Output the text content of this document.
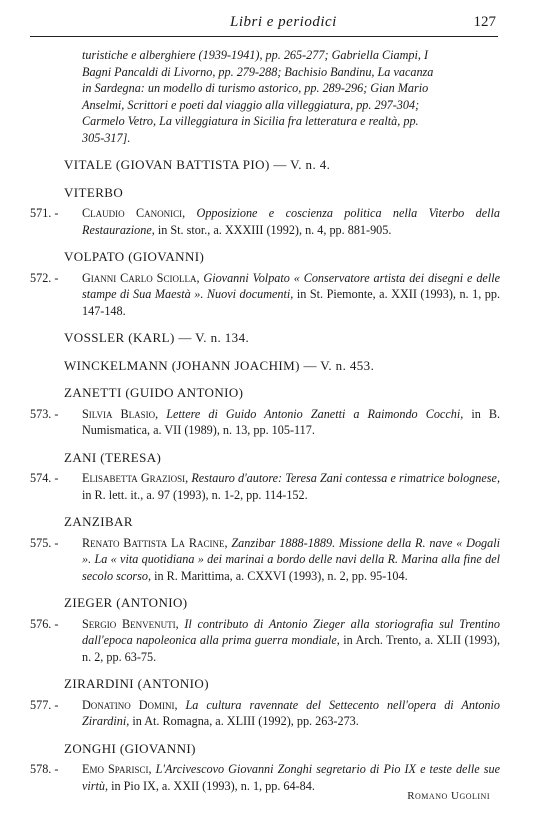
Libri e periodici	127

turistiche e alberghiere (1939-1941), pp. 265-277; Gabriella Ciampi, I

Bagni Pancaldi di Livorno, pp. 279-288; Bachisio Bandinu, La vacanza

in Sardegna: un modello di turismo astorico, pp. 289-296; Gian Mario

Anselmi, Scrittori e poeti dal viaggio alla villeggiatura, pp. 297-304;

Carmelo Vetro, La villeggiatura in Sicilia fra letteratura e realtà, pp.

305-317].

VITALE (GIOVAN BATTISTA PIO) — V. n. 4.
VITERBO
571. - Claudio Canonici, Opposizione e coscienza politica nella Viterbo della Restaurazione, in St. stor., a. XXXIII (1992), n. 4, pp. 881-905.
VOLPATO (GIOVANNI)
572. - Gianni Carlo Sciolla, Giovanni Volpato « Conservatore artista dei disegni e delle stampe di Sua Maestà ». Nuovi documenti, in St. Piemonte, a. XXII (1993), n. 1, pp. 147-148.
VOSSLER (KARL) — V. n. 134.
WINCKELMANN (JOHANN JOACHIM) — V. n. 453.
ZANETTI (GUIDO ANTONIO)
573. - Silvia Blasio, Lettere di Guido Antonio Zanetti a Raimondo Cocchi, in B. Numismatica, a. VII (1989), n. 13, pp. 105-117.
ZANI (TERESA)
574. - Elisabetta Graziosi, Restauro d'autore: Teresa Zani contessa e rimatrice bolognese, in R. lett. it., a. 97 (1993), n. 1-2, pp. 114-152.
ZANZIBAR
575. - Renato Battista La Racine, Zanzibar 1888-1889. Missione della R. nave « Dogali ». La « vita quotidiana » dei marinai a bordo delle navi della R. Marina alla fine del secolo scorso, in R. Marittima, a. CXXVI (1993), n. 2, pp. 95-104.
ZIEGER (ANTONIO)
576. - Sergio Benvenuti, Il contributo di Antonio Zieger alla storiografia sul Trentino dall'epoca napoleonica alla prima guerra mondiale, in Arch. Trento, a. XLII (1993), n. 2, pp. 63-75.
ZIRARDINI (ANTONIO)
577. - Donatino Domini, La cultura ravennate del Settecento nell'opera di Antonio Zirardini, in At. Romagna, a. XLIII (1992), pp. 263-273.
ZONGHI (GIOVANNI)
578. - Emo Sparisci, L'Arcivescovo Giovanni Zonghi segretario di Pio IX e teste delle sue virtù, in Pio IX, a. XXII (1993), n. 1, pp. 64-84.
Romano Ugolini
